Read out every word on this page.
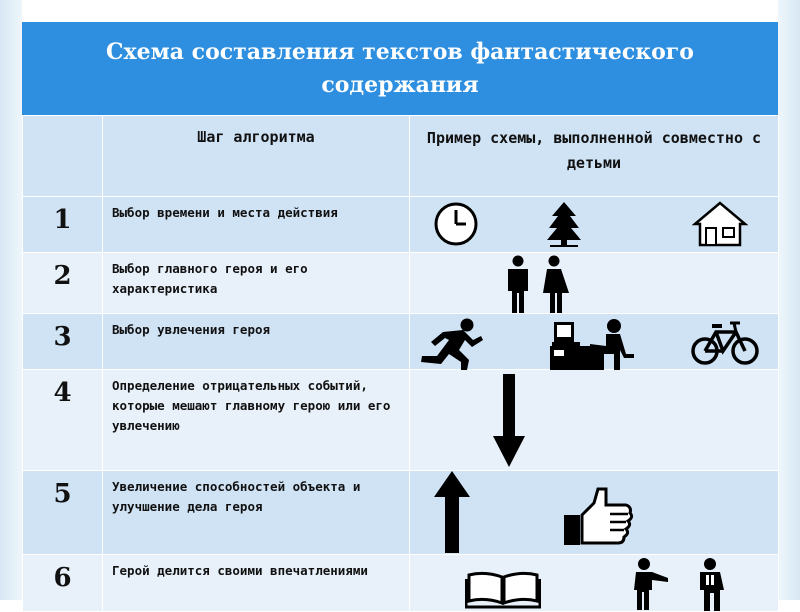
Схема составления текстов фантастического содержания
	Шаг алгоритма	Пример схемы, выполненной совместно с детьми

1	Выбор времени и места действия	

2	Выбор главного героя и его характеристика	

3	Выбор увлечения героя	

4	Определение отрицательных событий, которые мешают главному герою или его увлечению	

5	Увеличение способностей объекта и улучшение дела героя	

6	Герой делится своими впечатлениями	
